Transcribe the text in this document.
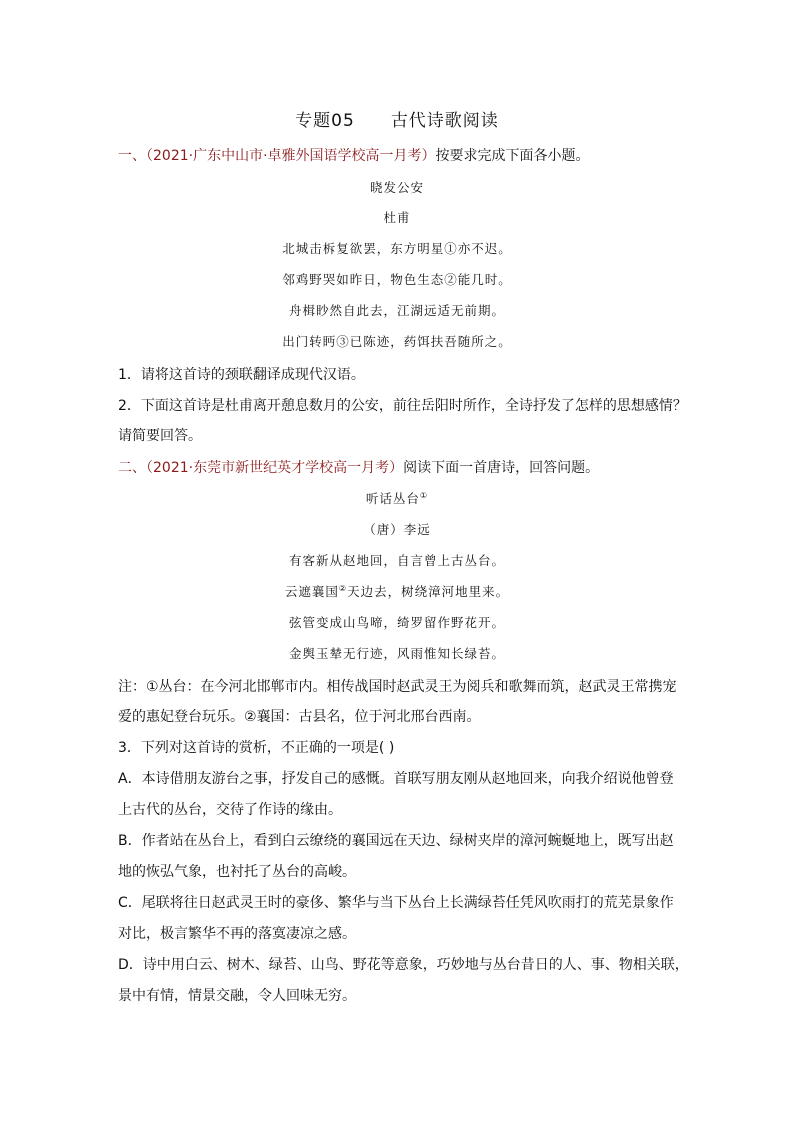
专题05 古代诗歌阅读
一、（2021·广东中山市·卓雅外国语学校高一月考）按要求完成下面各小题。
晓发公安
杜甫
北城击柝复欲罢，东方明星①亦不迟。
邻鸡野哭如昨日，物色生态②能几时。
舟楫眇然自此去，江湖远适无前期。
出门转眄③已陈迹，药饵扶吾随所之。
1．请将这首诗的颈联翻译成现代汉语。
2．下面这首诗是杜甫离开憩息数月的公安，前往岳阳时所作，全诗抒发了怎样的思想感情？
请简要回答。
二、（2021·东莞市新世纪英才学校高一月考）阅读下面一首唐诗，回答问题。
听话丛台①
（唐）李远
有客新从赵地回，自言曾上古丛台。
云遮襄国②天边去，树绕漳河地里来。
弦管变成山鸟啼，绮罗留作野花开。
金舆玉辇无行迹，风雨惟知长绿苔。
注：①丛台：在今河北邯郸市内。相传战国时赵武灵王为阅兵和歌舞而筑，赵武灵王常携宠
爱的惠妃登台玩乐。②襄国：古县名，位于河北邢台西南。
3．下列对这首诗的赏析，不正确的一项是( )
A．本诗借朋友游台之事，抒发自己的感慨。首联写朋友刚从赵地回来，向我介绍说他曾登
上古代的丛台，交待了作诗的缘由。
B．作者站在丛台上，看到白云缭绕的襄国远在天边、绿树夹岸的漳河蜿蜒地上，既写出赵
地的恢弘气象，也衬托了丛台的高峻。
C．尾联将往日赵武灵王时的豪侈、繁华与当下丛台上长满绿苔任凭风吹雨打的荒芜景象作
对比，极言繁华不再的落寞凄凉之感。
D．诗中用白云、树木、绿苔、山鸟、野花等意象，巧妙地与丛台昔日的人、事、物相关联，
景中有情，情景交融，令人回味无穷。
